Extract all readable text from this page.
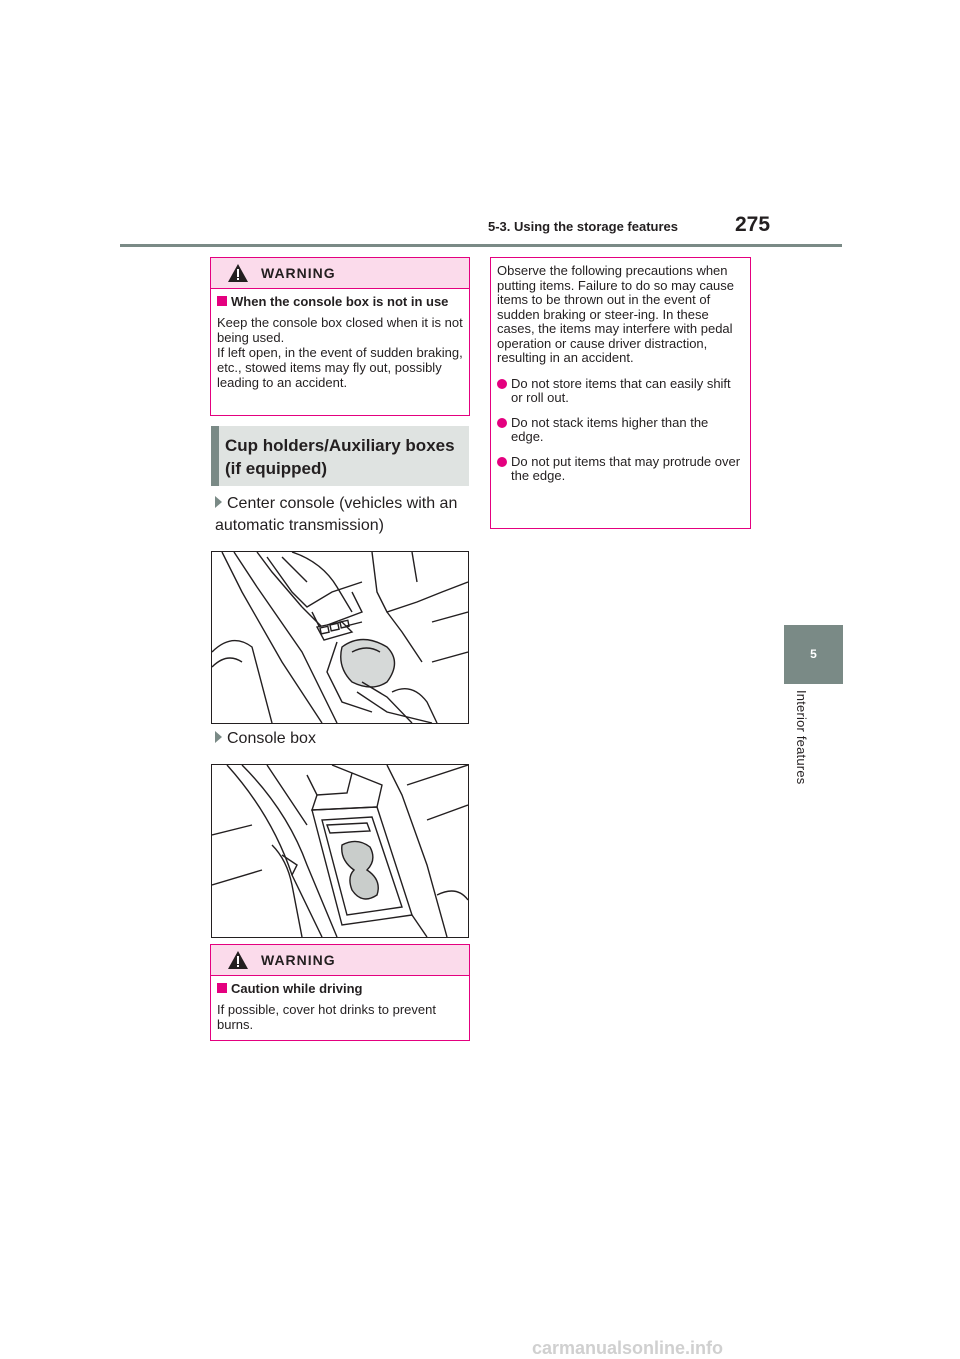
5-3. Using the storage features	275
5
Interior features
WARNING
When the console box is not in use

Keep the console box closed when it is not being used.
If left open, in the event of sudden braking, etc., stowed items may fly out, possibly leading to an accident.

Cup holders/Auxiliary boxes (if equipped)
Center console (vehicles with an automatic transmission)
Console box
WARNING
Caution while driving

If possible, cover hot drinks to prevent burns.

Observe the following precautions when putting items. Failure to do so may cause items to be thrown out in the event of sudden braking or steer-ing. In these cases, the items may interfere with pedal operation or cause driver distraction, resulting in an accident.

Do not store items that can easily shift or roll out.
Do not stack items higher than the edge.
Do not put items that may protrude over the edge.
carmanualsonline.info
